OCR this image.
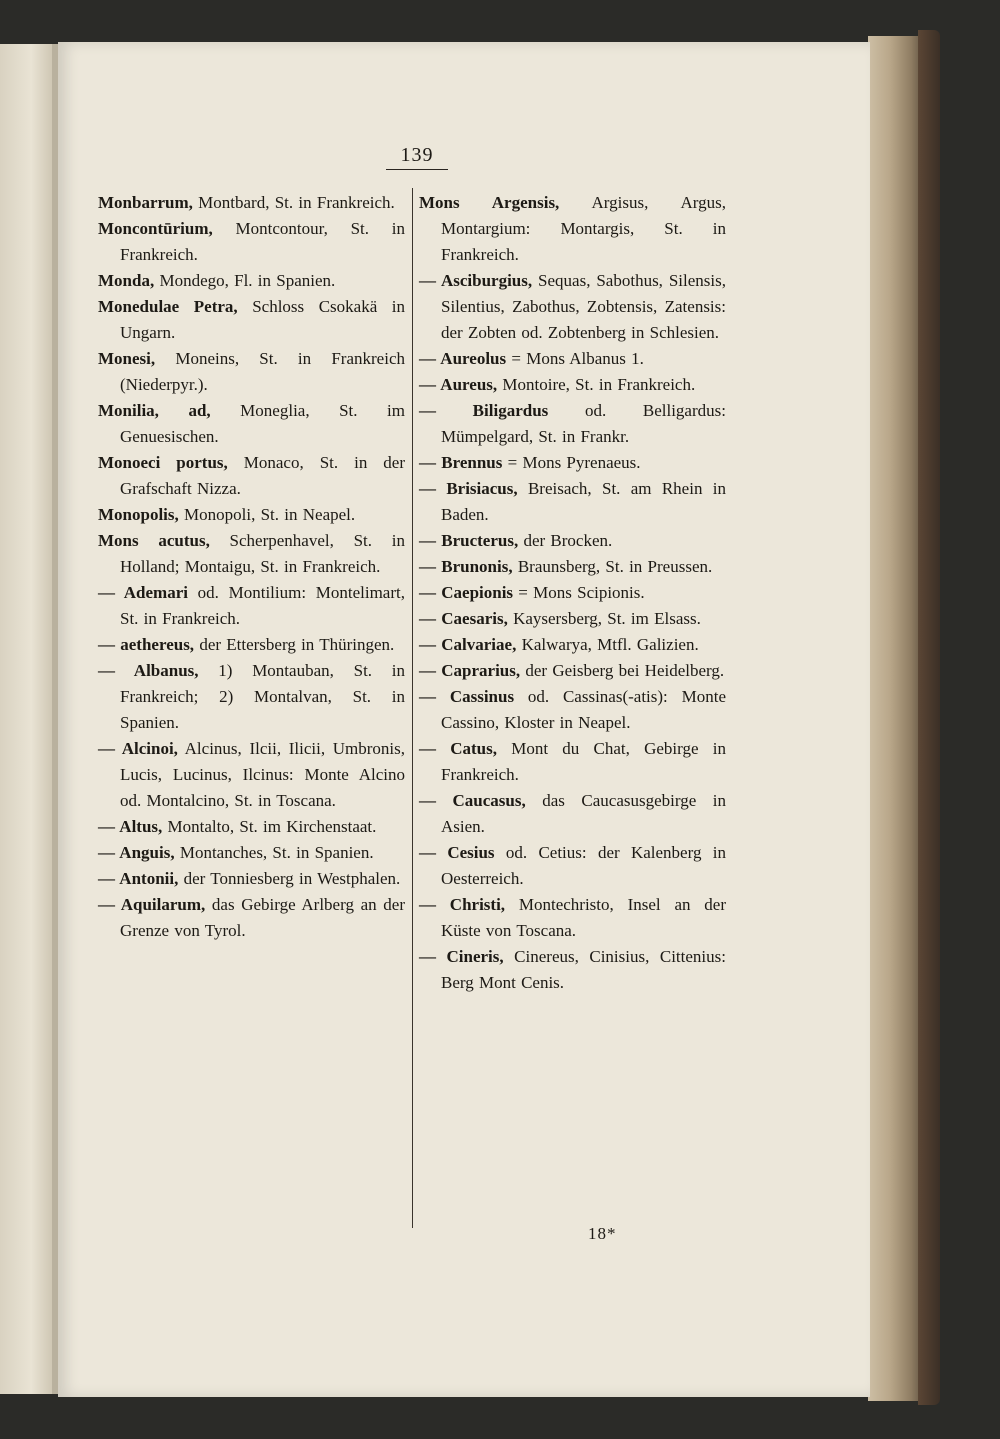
139
Monbarrum, Montbard, St. in Frankreich.
Moncontūrium, Montcontour, St. in Frankreich.
Monda, Mondego, Fl. in Spanien.
Monedulae Petra, Schloss Csokakä in Ungarn.
Monesi, Moneins, St. in Frankreich (Niederpyr.).
Monilia, ad, Moneglia, St. im Genuesischen.
Monoeci portus, Monaco, St. in der Grafschaft Nizza.
Monopolis, Monopoli, St. in Neapel.
Mons acutus, Scherpenhavel, St. in Holland; Montaigu, St. in Frankreich.
— Ademari od. Montilium: Montelimart, St. in Frankreich.
— aethereus, der Ettersberg in Thüringen.
— Albanus, 1) Montauban, St. in Frankreich; 2) Montalvan, St. in Spanien.
— Alcinoi, Alcinus, Ilcii, Ilicii, Umbronis, Lucis, Lucinus, Ilcinus: Monte Alcino od. Montalcino, St. in Toscana.
— Altus, Montalto, St. im Kirchenstaat.
— Anguis, Montanches, St. in Spanien.
— Antonii, der Tonniesberg in Westphalen.
— Aquilarum, das Gebirge Arlberg an der Grenze von Tyrol.
Mons Argensis, Argisus, Argus, Montargium: Montargis, St. in Frankreich.
— Asciburgius, Sequas, Sabothus, Silensis, Silentius, Zabothus, Zobtensis, Zatensis: der Zobten od. Zobtenberg in Schlesien.
— Aureolus = Mons Albanus 1.
— Aureus, Montoire, St. in Frankreich.
— Biligardus od. Belligardus: Mümpelgard, St. in Frankr.
— Brennus = Mons Pyrenaeus.
— Brisiacus, Breisach, St. am Rhein in Baden.
— Bructerus, der Brocken.
— Brunonis, Braunsberg, St. in Preussen.
— Caepionis = Mons Scipionis.
— Caesaris, Kaysersberg, St. im Elsass.
— Calvariae, Kalwarya, Mtfl. Galizien.
— Caprarius, der Geisberg bei Heidelberg.
— Cassinus od. Cassinas(-atis): Monte Cassino, Kloster in Neapel.
— Catus, Mont du Chat, Gebirge in Frankreich.
— Caucasus, das Caucasusgebirge in Asien.
— Cesius od. Cetius: der Kalenberg in Oesterreich.
— Christi, Montechristo, Insel an der Küste von Toscana.
— Cineris, Cinereus, Cinisius, Cittenius: Berg Mont Cenis.
18*
